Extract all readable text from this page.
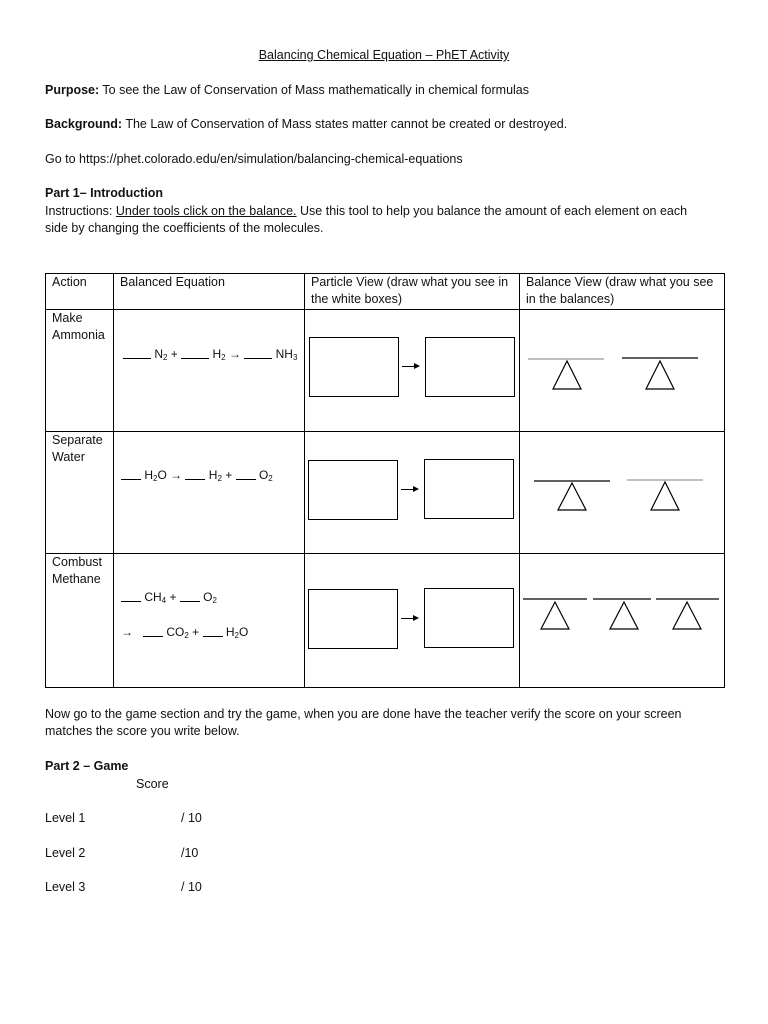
Balancing Chemical Equation – PhET Activity
Purpose: To see the Law of Conservation of Mass mathematically in chemical formulas
Background: The Law of Conservation of Mass states matter cannot be created or destroyed.
Go to https://phet.colorado.edu/en/simulation/balancing-chemical-equations
Part 1– Introduction
Instructions: Under tools click on the balance. Use this tool to help you balance the amount of each element on each
side by changing the coefficients of the molecules.
Action	Balanced Equation	Particle View (draw what you see in the white boxes)	Balance View (draw what you see in the balances)

Make Ammonia	$N_2 + H_2 \to NH_3$

Separate Water	$H_2O \to H_2 + O_2$

Combust Methane	$CH_4 + O_2$
→ $CO_2 + H_2O$

Now go to the game section and try the game, when you are done have the teacher verify the score on your screen
matches the score you write below.
Part 2 – Game
Score
Level 1	/ 10
Level 2	/10
Level 3	/ 10
